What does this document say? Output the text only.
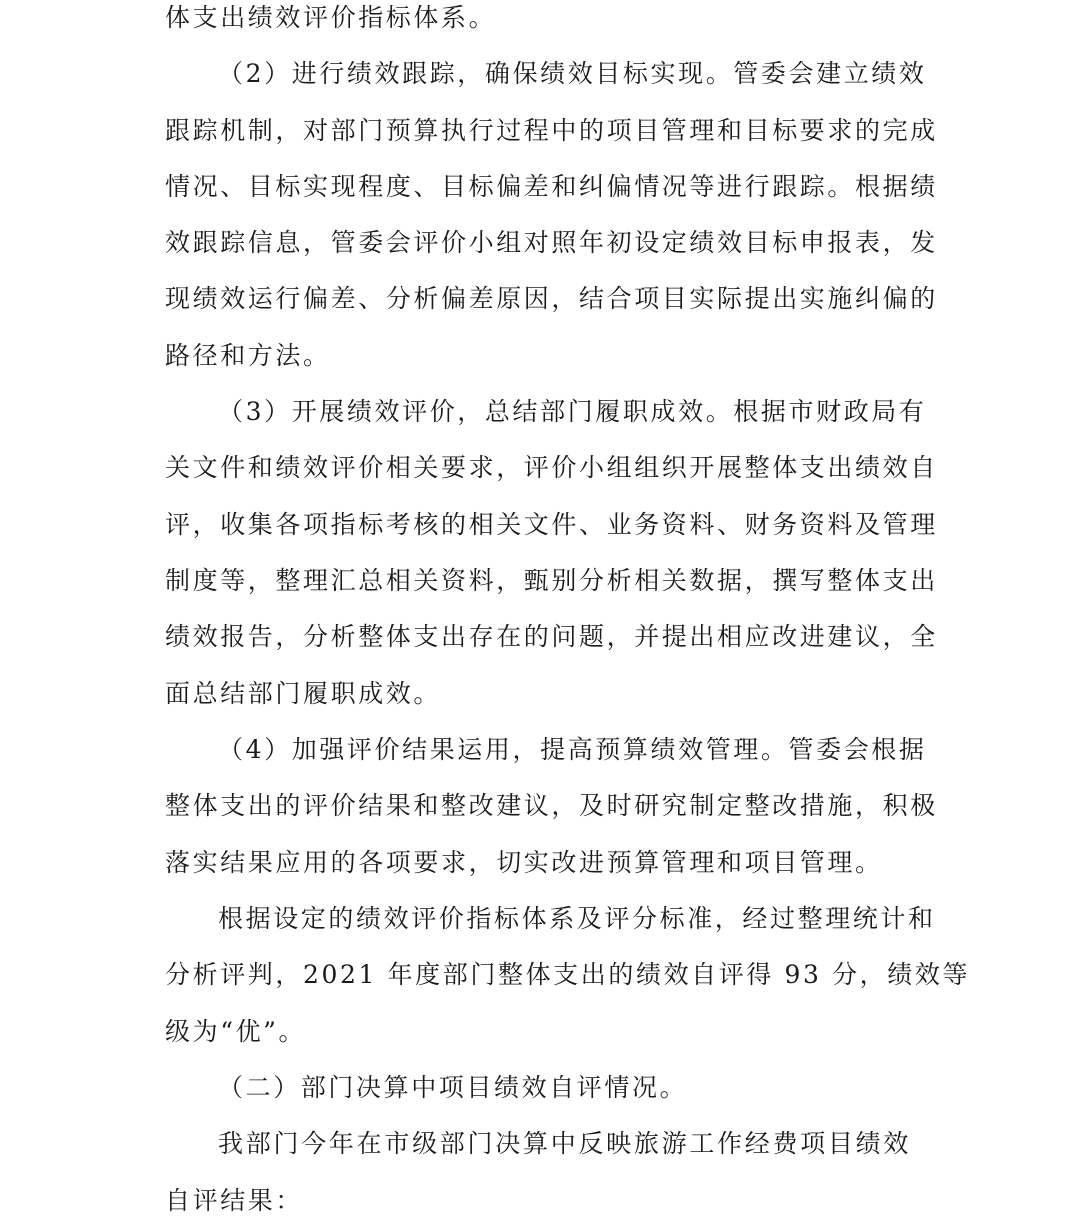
体支出绩效评价指标体系。
（2）进行绩效跟踪，确保绩效目标实现。管委会建立绩效
跟踪机制，对部门预算执行过程中的项目管理和目标要求的完成
情况、目标实现程度、目标偏差和纠偏情况等进行跟踪。根据绩
效跟踪信息，管委会评价小组对照年初设定绩效目标申报表，发
现绩效运行偏差、分析偏差原因，结合项目实际提出实施纠偏的
路径和方法。
（3）开展绩效评价，总结部门履职成效。根据市财政局有
关文件和绩效评价相关要求，评价小组组织开展整体支出绩效自
评，收集各项指标考核的相关文件、业务资料、财务资料及管理
制度等，整理汇总相关资料，甄别分析相关数据，撰写整体支出
绩效报告，分析整体支出存在的问题，并提出相应改进建议，全
面总结部门履职成效。
（4）加强评价结果运用，提高预算绩效管理。管委会根据
整体支出的评价结果和整改建议，及时研究制定整改措施，积极
落实结果应用的各项要求，切实改进预算管理和项目管理。
根据设定的绩效评价指标体系及评分标准，经过整理统计和
分析评判，2021 年度部门整体支出的绩效自评得 93 分，绩效等
级为“优”。
（二）部门决算中项目绩效自评情况。
我部门今年在市级部门决算中反映旅游工作经费项目绩效
自评结果：
